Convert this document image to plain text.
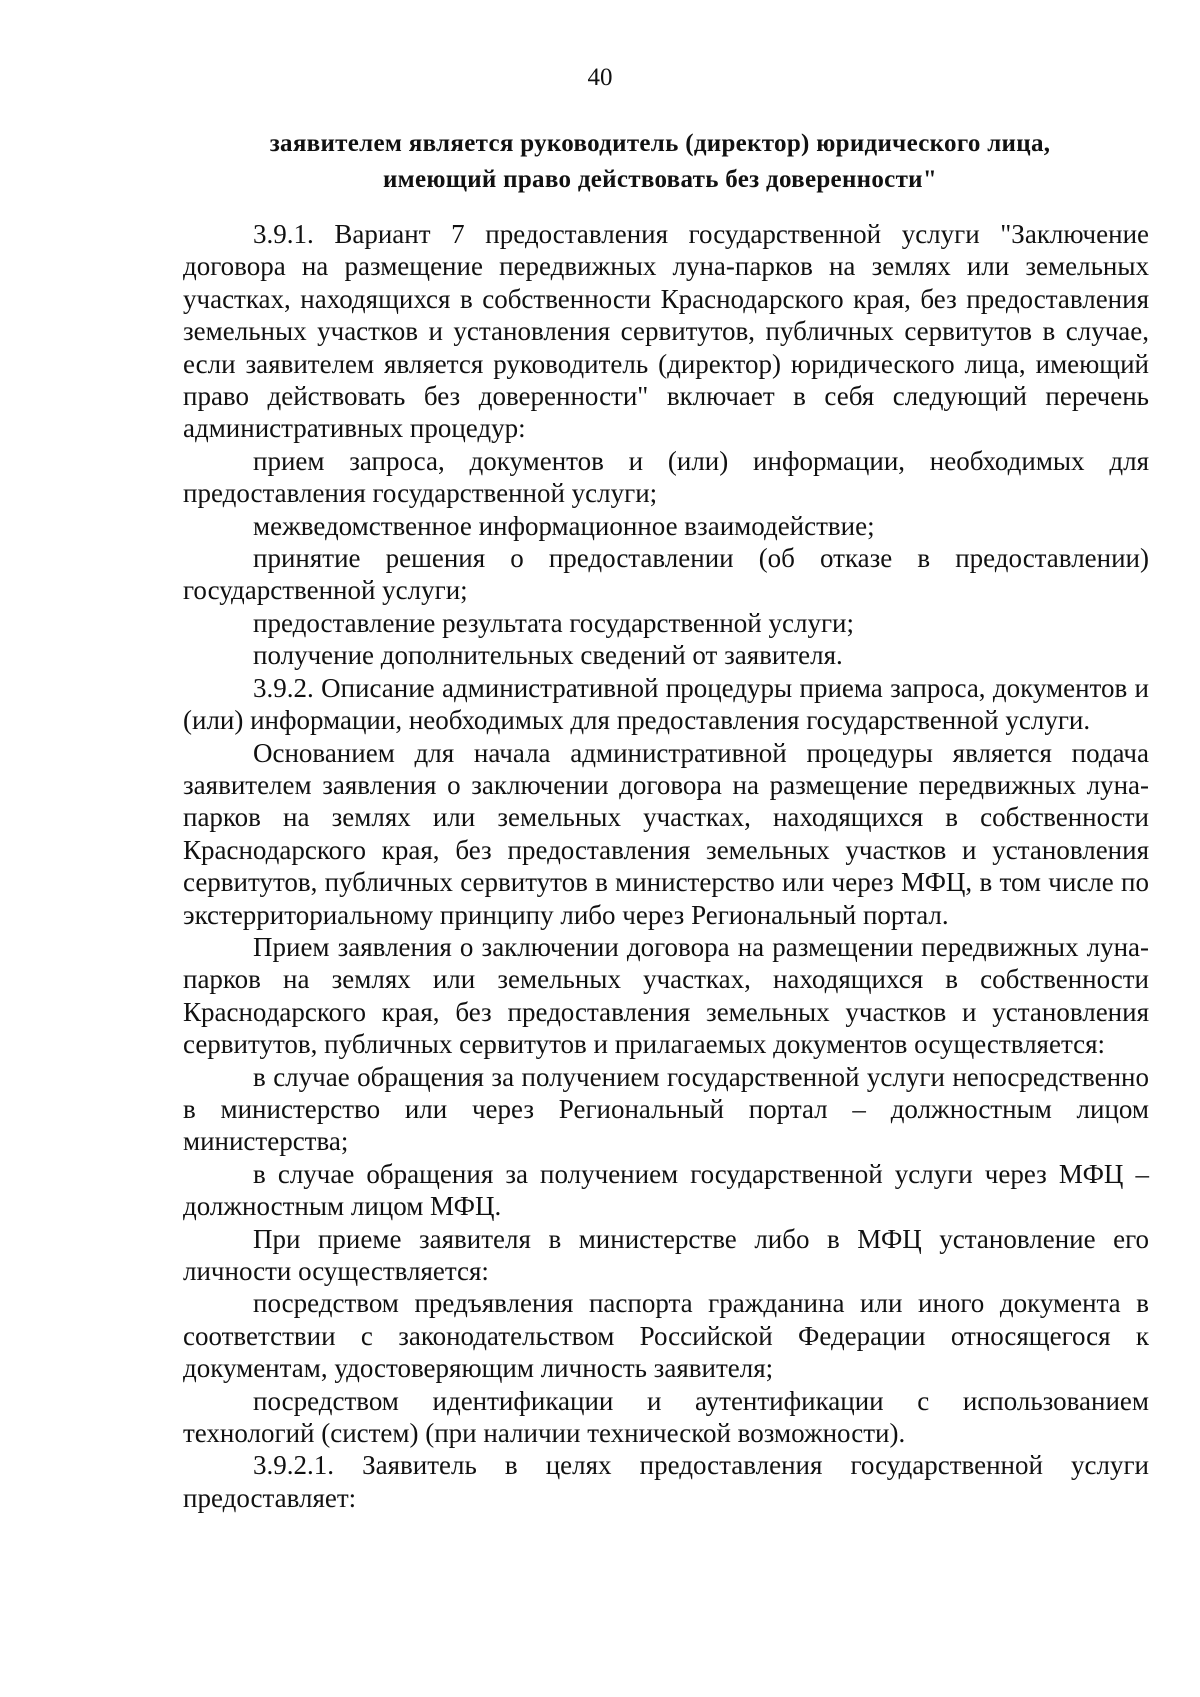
40
заявителем является руководитель (директор) юридического лица,
имеющий право действовать без доверенности"

3.9.1. Вариант 7 предоставления государственной услуги "Заключение договора на размещение передвижных луна-парков на землях или земельных участках, находящихся в собственности Краснодарского края, без предоставления земельных участков и установления сервитутов, публичных сервитутов в случае, если заявителем является руководитель (директор) юридического лица, имеющий право действовать без доверенности" включает в себя следующий перечень административных процедур:

прием запроса, документов и (или) информации, необходимых для предоставления государственной услуги;

межведомственное информационное взаимодействие;

принятие решения о предоставлении (об отказе в предоставлении) государственной услуги;

предоставление результата государственной услуги;

получение дополнительных сведений от заявителя.

3.9.2. Описание административной процедуры приема запроса, документов и (или) информации, необходимых для предоставления государственной услуги.

Основанием для начала административной процедуры является подача заявителем заявления о заключении договора на размещение передвижных луна-парков на землях или земельных участках, находящихся в собственности Краснодарского края, без предоставления земельных участков и установления сервитутов, публичных сервитутов в министерство или через МФЦ, в том числе по экстерриториальному принципу либо через Региональный портал.

Прием заявления о заключении договора на размещении передвижных луна-парков на землях или земельных участках, находящихся в собственности Краснодарского края, без предоставления земельных участков и установления сервитутов, публичных сервитутов и прилагаемых документов осуществляется:

в случае обращения за получением государственной услуги непосредственно в министерство или через Региональный портал – должностным лицом министерства;

в случае обращения за получением государственной услуги через МФЦ – должностным лицом МФЦ.

При приеме заявителя в министерстве либо в МФЦ установление его личности осуществляется:

посредством предъявления паспорта гражданина или иного документа в соответствии с законодательством Российской Федерации относящегося к документам, удостоверяющим личность заявителя;

посредством идентификации и аутентификации с использованием технологий (систем) (при наличии технической возможности).

3.9.2.1. Заявитель в целях предоставления государственной услуги предоставляет:
